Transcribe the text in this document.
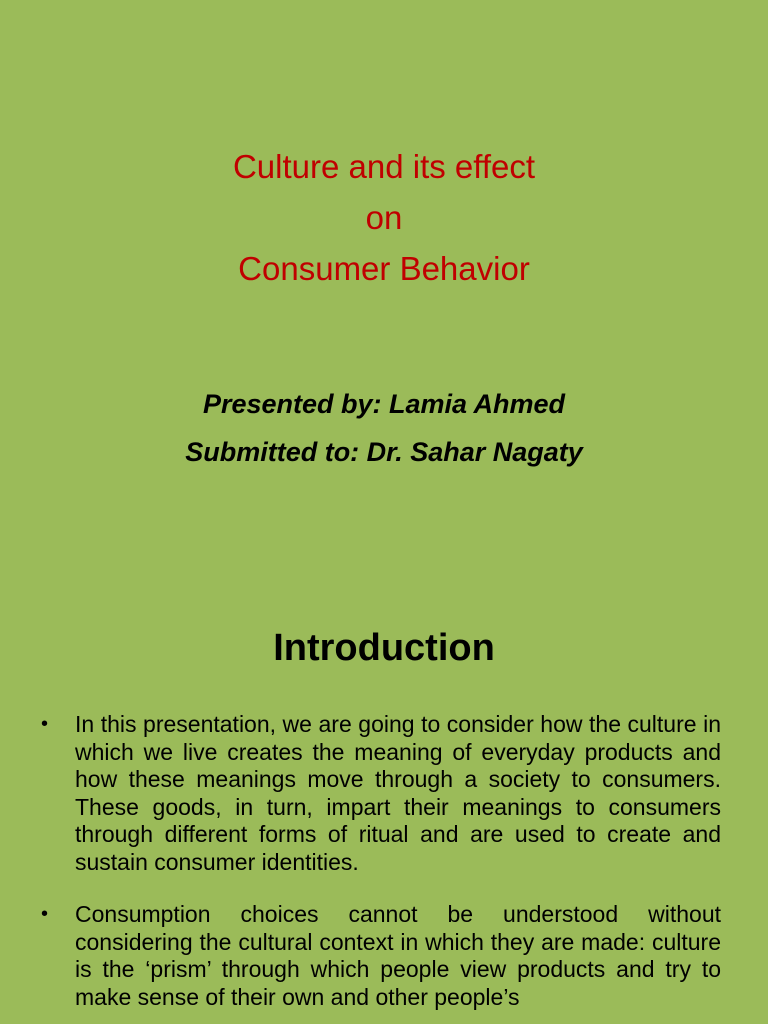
Culture and its effect
on
Consumer Behavior
Presented by: Lamia Ahmed
Submitted to: Dr. Sahar Nagaty
Introduction
• In this presentation, we are going to consider how the culture in which we live creates the meaning of everyday products and how these meanings move through a society to consumers. These goods, in turn, impart their meanings to consumers through different forms of ritual and are used to create and sustain consumer identities.
• Consumption choices cannot be understood without considering the cultural context in which they are made: culture is the ‘prism’ through which people view products and try to make sense of their own and other people’s
